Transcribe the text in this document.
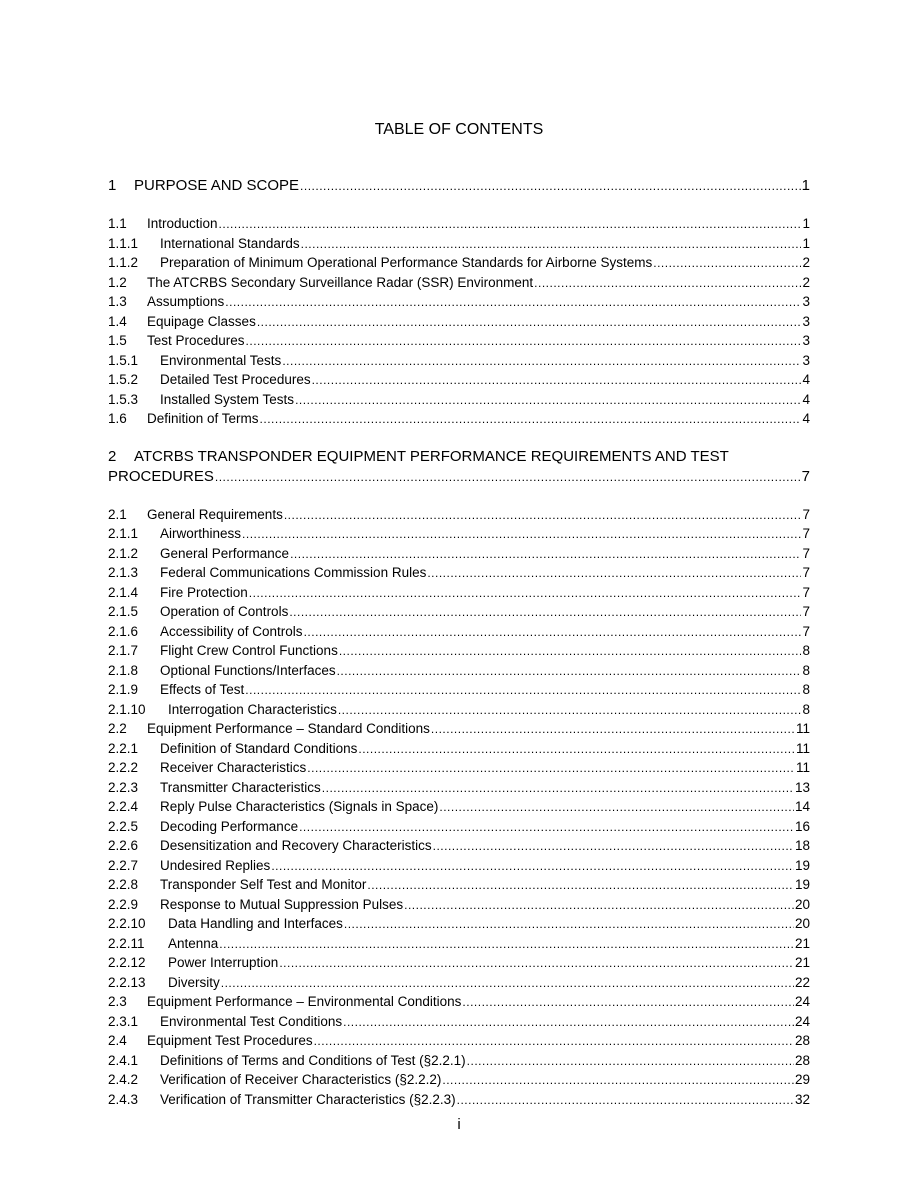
TABLE OF CONTENTS
1	PURPOSE AND SCOPE .....	1
1.1	Introduction .....	1
1.1.1	International Standards .....	1
1.1.2	Preparation of Minimum Operational Performance Standards for Airborne Systems .....	2
1.2	The ATCRBS Secondary Surveillance Radar (SSR) Environment .....	2
1.3	Assumptions .....	3
1.4	Equipage Classes .....	3
1.5	Test Procedures .....	3
1.5.1	Environmental Tests .....	3
1.5.2	Detailed Test Procedures .....	4
1.5.3	Installed System Tests .....	4
1.6	Definition of Terms .....	4
2 ATCRBS TRANSPONDER EQUIPMENT PERFORMANCE REQUIREMENTS AND TEST
PROCEDURES .....	7
2.1	General Requirements .....	7
2.1.1	Airworthiness .....	7
2.1.2	General Performance .....	7
2.1.3	Federal Communications Commission Rules .....	7
2.1.4	Fire Protection .....	7
2.1.5	Operation of Controls .....	7
2.1.6	Accessibility of Controls .....	7
2.1.7	Flight Crew Control Functions .....	8
2.1.8	Optional Functions/Interfaces .....	8
2.1.9	Effects of Test .....	8
2.1.10	Interrogation Characteristics .....	8
2.2	Equipment Performance – Standard Conditions .....	11
2.2.1	Definition of Standard Conditions .....	11
2.2.2	Receiver Characteristics .....	11
2.2.3	Transmitter Characteristics .....	13
2.2.4	Reply Pulse Characteristics (Signals in Space) .....	14
2.2.5	Decoding Performance .....	16
2.2.6	Desensitization and Recovery Characteristics .....	18
2.2.7	Undesired Replies .....	19
2.2.8	Transponder Self Test and Monitor .....	19
2.2.9	Response to Mutual Suppression Pulses .....	20
2.2.10	Data Handling and Interfaces .....	20
2.2.11	Antenna .....	21
2.2.12	Power Interruption .....	21
2.2.13	Diversity .....	22
2.3	Equipment Performance – Environmental Conditions .....	24
2.3.1	Environmental Test Conditions .....	24
2.4	Equipment Test Procedures .....	28
2.4.1	Definitions of Terms and Conditions of Test (§2.2.1) .....	28
2.4.2	Verification of Receiver Characteristics (§2.2.2) .....	29
2.4.3	Verification of Transmitter Characteristics (§2.2.3) .....	32
i
